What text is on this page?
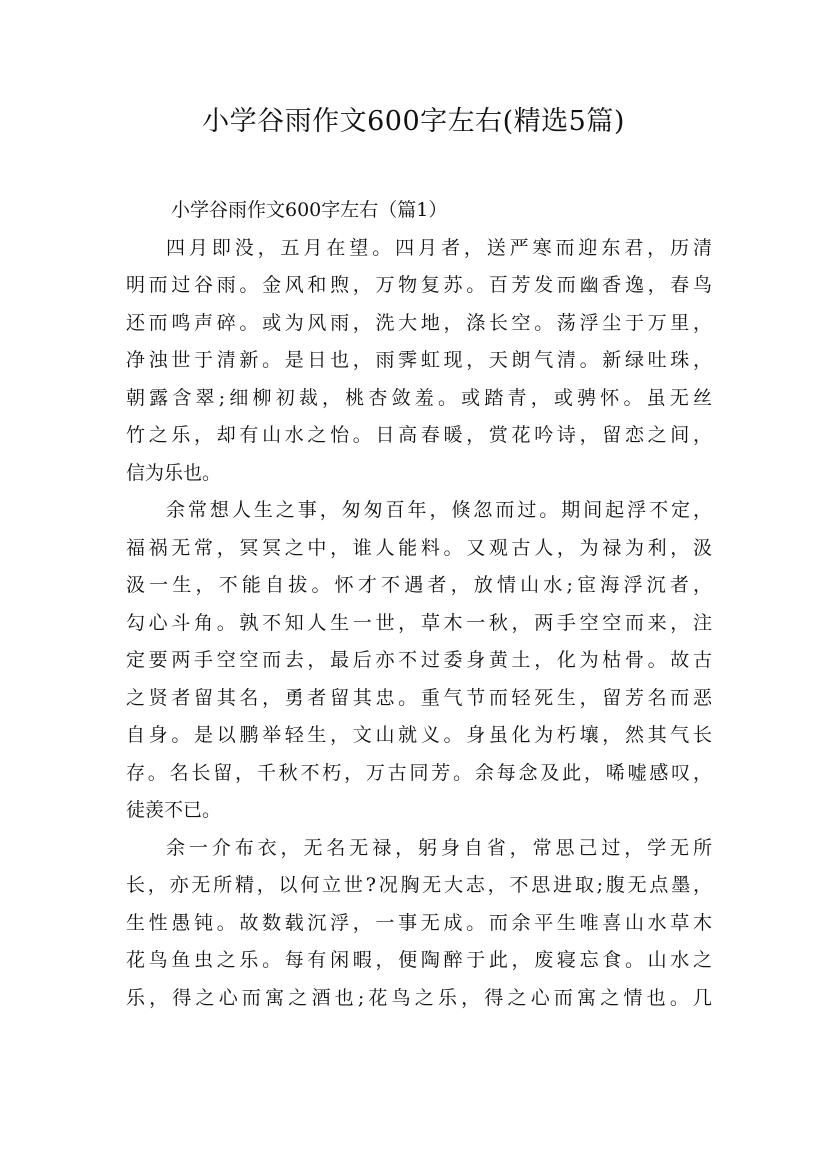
小学谷雨作文600字左右(精选5篇)
小学谷雨作文600字左右（篇1）

四月即没，五月在望。四月者，送严寒而迎东君，历清
明而过谷雨。金风和煦，万物复苏。百芳发而幽香逸，春鸟
还而鸣声碎。或为风雨，洗大地，涤长空。荡浮尘于万里，
净浊世于清新。是日也，雨霁虹现，天朗气清。新绿吐珠，
朝露含翠;细柳初裁，桃杏敛羞。或踏青，或骋怀。虽无丝
竹之乐，却有山水之怡。日高春暖，赏花吟诗，留恋之间，
信为乐也。

余常想人生之事，匆匆百年，倏忽而过。期间起浮不定，
福祸无常，冥冥之中，谁人能料。又观古人，为禄为利，汲
汲一生，不能自拔。怀才不遇者，放情山水;宦海浮沉者，
勾心斗角。孰不知人生一世，草木一秋，两手空空而来，注
定要两手空空而去，最后亦不过委身黄土，化为枯骨。故古
之贤者留其名，勇者留其忠。重气节而轻死生，留芳名而恶
自身。是以鹏举轻生，文山就义。身虽化为朽壤，然其气长
存。名长留，千秋不朽，万古同芳。余每念及此，唏嘘感叹，
徒羡不已。

余一介布衣，无名无禄，躬身自省，常思己过，学无所
长，亦无所精，以何立世?况胸无大志，不思进取;腹无点墨，
生性愚钝。故数载沉浮，一事无成。而余平生唯喜山水草木
花鸟鱼虫之乐。每有闲暇，便陶醉于此，废寝忘食。山水之
乐，得之心而寓之酒也;花鸟之乐，得之心而寓之情也。几
